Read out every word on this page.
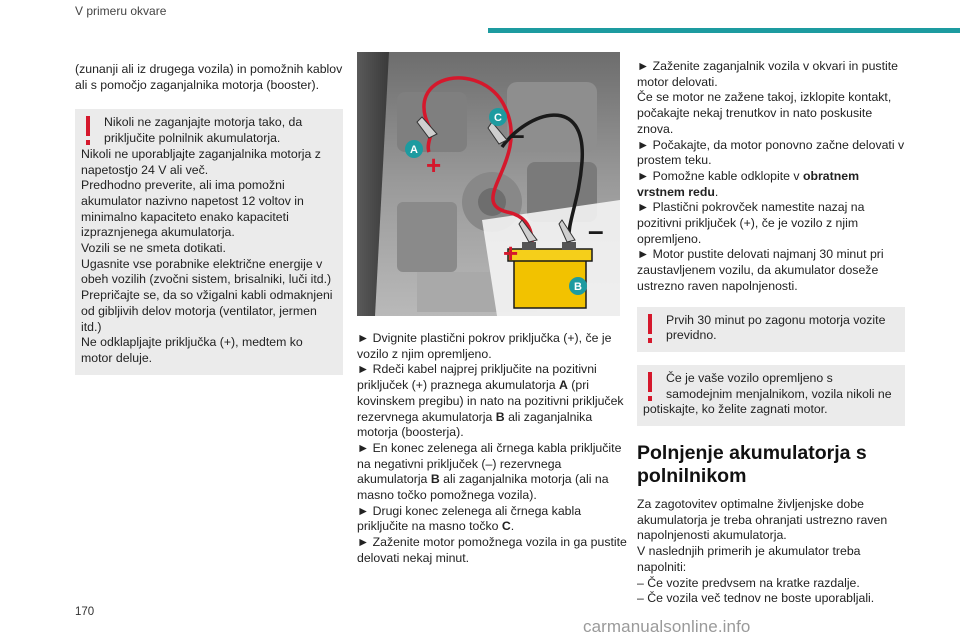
V primeru okvare

(zunanji ali iz drugega vozila) in pomožnih kablov ali s pomočjo zaganjalnika motorja (booster).

Nikoli ne zaganjajte motorja tako, da priključite polnilnik akumulatorja.

Nikoli ne uporabljajte zaganjalnika motorja z napetostjo 24 V ali več.

Predhodno preverite, ali ima pomožni akumulator nazivno napetost 12 voltov in minimalno kapaciteto enako kapaciteti izpraznjenega akumulatorja.

Vozili se ne smeta dotikati.

Ugasnite vse porabnike električne energije v obeh vozilih (zvočni sistem, brisalniki, luči itd.)

Prepričajte se, da so vžigalni kabli odmaknjeni od gibljivih delov motorja (ventilator, jermen itd.)

Ne odklapljajte priključka (+), medtem ko motor deluje.

+
–
+
–
A
C
B

► Dvignite plastični pokrov priključka (+), če je vozilo z njim opremljeno.

► Rdeči kabel najprej priključite na pozitivni priključek (+) praznega akumulatorja A (pri kovinskem pregibu) in nato na pozitivni priključek rezervnega akumulatorja B ali zaganjalnika motorja (boosterja).

► En konec zelenega ali črnega kabla priključite na negativni priključek (–) rezervnega akumulatorja B ali zaganjalnika motorja (ali na masno točko pomožnega vozila).

► Drugi konec zelenega ali črnega kabla priključite na masno točko C.

► Zaženite motor pomožnega vozila in ga pustite delovati nekaj minut.

► Zaženite zaganjalnik vozila v okvari in pustite motor delovati.

Če se motor ne zažene takoj, izklopite kontakt, počakajte nekaj trenutkov in nato poskusite znova.

► Počakajte, da motor ponovno začne delovati v prostem teku.

► Pomožne kable odklopite v obratnem vrstnem redu.

► Plastični pokrovček namestite nazaj na pozitivni priključek (+), če je vozilo z njim opremljeno.

► Motor pustite delovati najmanj 30 minut pri zaustavljenem vozilu, da akumulator doseže ustrezno raven napolnjenosti.

Prvih 30 minut po zagonu motorja vozite previdno.

Če je vaše vozilo opremljeno s samodejnim menjalnikom, vozila nikoli ne

potiskajte, ko želite zagnati motor.

Polnjenje akumulatorja s polnilnikom

Za zagotovitev optimalne življenjske dobe akumulatorja je treba ohranjati ustrezno raven napolnjenosti akumulatorja.

V naslednjih primerih je akumulator treba napolniti:

– Če vozite predvsem na kratke razdalje.

– Če vozila več tednov ne boste uporabljali.

170
carmanualsonline.info
